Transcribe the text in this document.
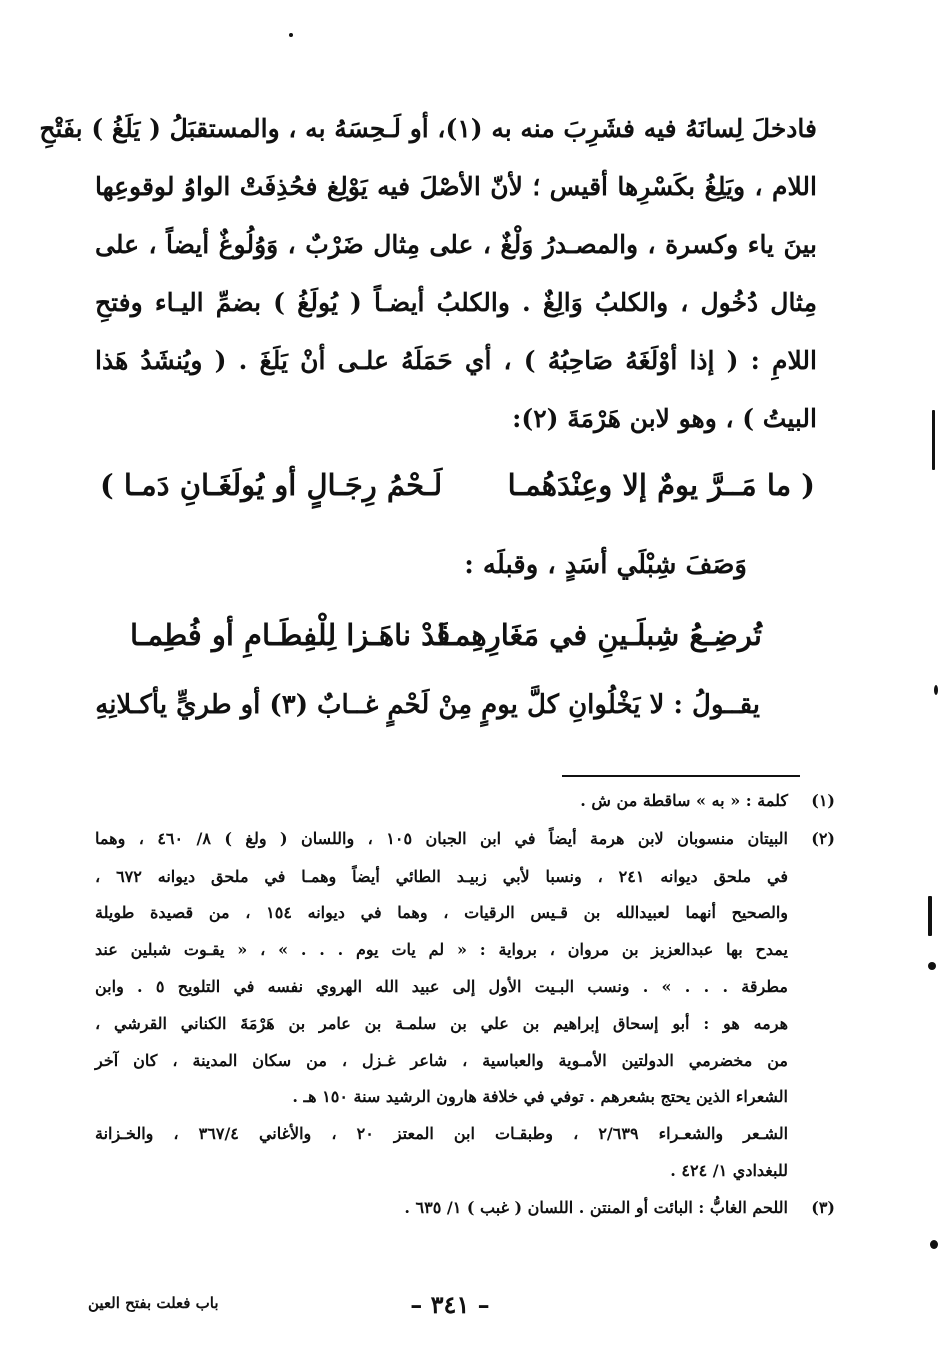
فادخلَ لِسانَهُ فيه فشَرِبَ منه به (١)، أو لَـحِسَهُ به ، والمستقبَلُ ( يَلَغُ ) بفَتْحِ
اللام ، ويَلِغُ بكَسْرِها أقيس ؛ لأنّ الأصْلَ فيه يَوْلِغ فحُذِفَتْ الواوُ لوقوعِها
بينَ ياء وكسرة ، والمصـدرُ وَلْغٌ ، على مِثال ضَرْبٌ ، وَوُلُوغٌ أيضاً ، على
مِثال دُخُول ، والكلبُ وَالِغٌ . والكلبُ أيضـاً ( يُولَغُ ) بضمِّ اليـاء وفتحِ
اللامِ : ( إذا أوْلَغَهُ صَاحِبُهُ ) ، أي حَمَلَهُ علـى أنْ يَلَغَ . ( ويُنشَدُ هَذا
البيتُ ) ، وهو لابن هَرْمَةَ (٢):
( ما مَــرَّ يومٌ إلا وعِنْدَهُمـا
لَـحْمُ رِجَـالٍ أو يُولَغَـانِ دَمـا )
وَصَفَ شِبْلَي أسَدٍ ، وقبلَه :
تُرضِـعُ شِبلَـينِ في مَغَارِهِمـا
قَدْ ناهَـزا لِلْفِطَـامِ أو فُطِمـا
يقــولُ : لا يَخْلُوانِ كلَّ يومٍ مِنْ لَحْمٍ غــابٌ (٣) أو طريٍّ يأكـلانِهِ
(١)
كلمة : « به » ساقطة من ش .
(٢)
البيتان منسوبان لابن هرمة أيضاً في ابن الجبان ١٠٥ ، واللسان ( ولغ ) ٨/ ٤٦٠ ، وهما
في ملحق ديوانه ٢٤١ ، ونسبا لأبي زبيـد الطائي أيضاً وهمـا في ملحق ديوانه ٦٧٢ ،
والصحيح أنهما لعبيدالله بن قـيس الرقيات ، وهما في ديوانه ١٥٤ ، من قصيدة طويلة
يمدح بها عبدالعزيز بن مروان ، برواية : « لم يات يوم . . . » ، « يقـوت شبلين عند
مطرقة . . . » . ونسب البـيت الأول إلى عبيد الله الهروي نفسه في التلويح ٥ . وابن
هرمه هو : أبو إسحاق إبراهيم بن علي بن سلمـة بن عامر بن هَرْمَةَ الكناني القرشي ،
من مخضرمي الدولتين الأمـوية والعباسية ، شاعر غـزل ، من سكان المدينة ، كان آخر
الشعراء الذين يحتج بشعرهم . توفي في خلافة هارون الرشيد سنة ١٥٠ هـ .
الشـعر والشعـراء ٢/٦٣٩ ، وطبقـات ابن المعتز ٢٠ ، والأغاني ٣٦٧/٤ ، والخـزانة
للبغدادي ١/ ٤٢٤ .
(٣)
اللحم الغابُّ : البائت أو المنتن . اللسان ( غبب ) ١/ ٦٣٥ .
– ٣٤١ –
باب فعلت بفتح العين
